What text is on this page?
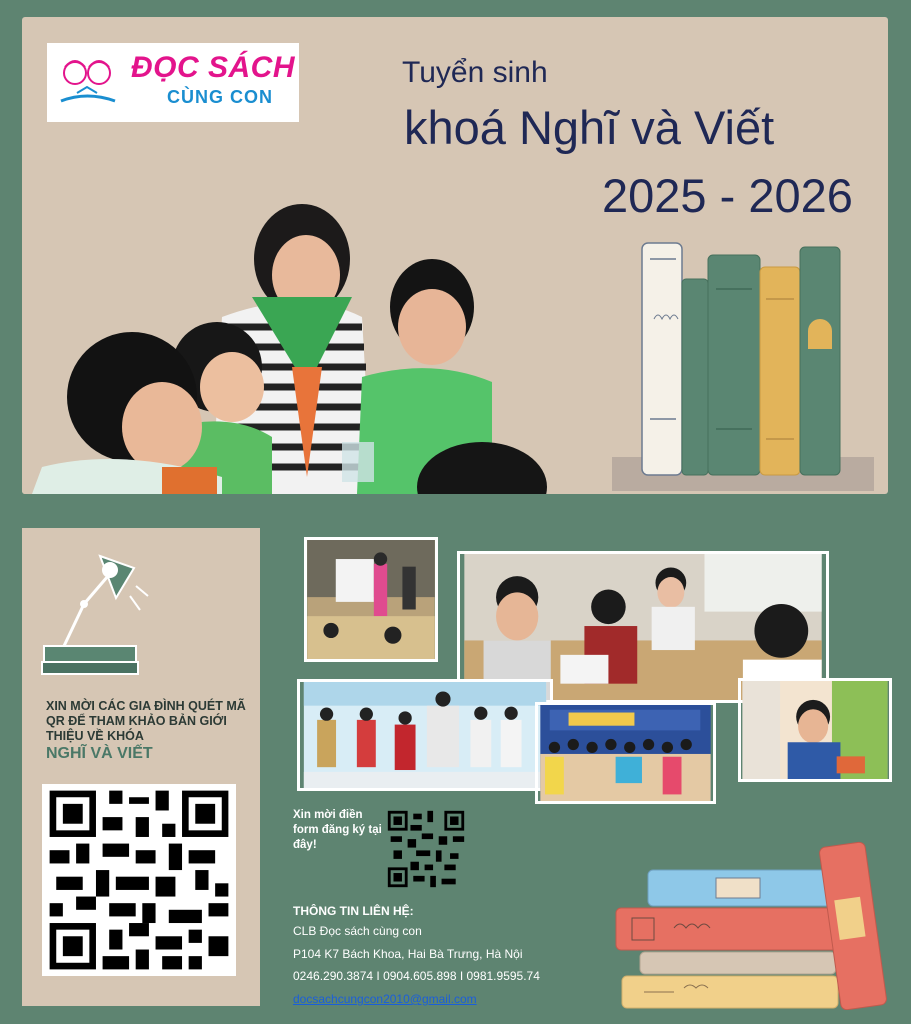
ĐỌC SÁCH
CÙNG CON
Tuyển sinh
khoá Nghĩ và Viết
2025 - 2026
XIN MỜI CÁC GIA ĐÌNH QUÉT MÃ QR ĐỂ THAM KHẢO BẢN GIỚI THIỆU VỀ KHÓA
NGHĨ VÀ VIẾT
Xin mời điền form đăng ký tại đây!
THÔNG TIN LIÊN HỆ:
CLB Đọc sách cùng con
P104 K7 Bách Khoa, Hai Bà Trưng, Hà Nội
0246.290.3874 I 0904.605.898 I 0981.9595.74
docsachcungcon2010@gmail.com
